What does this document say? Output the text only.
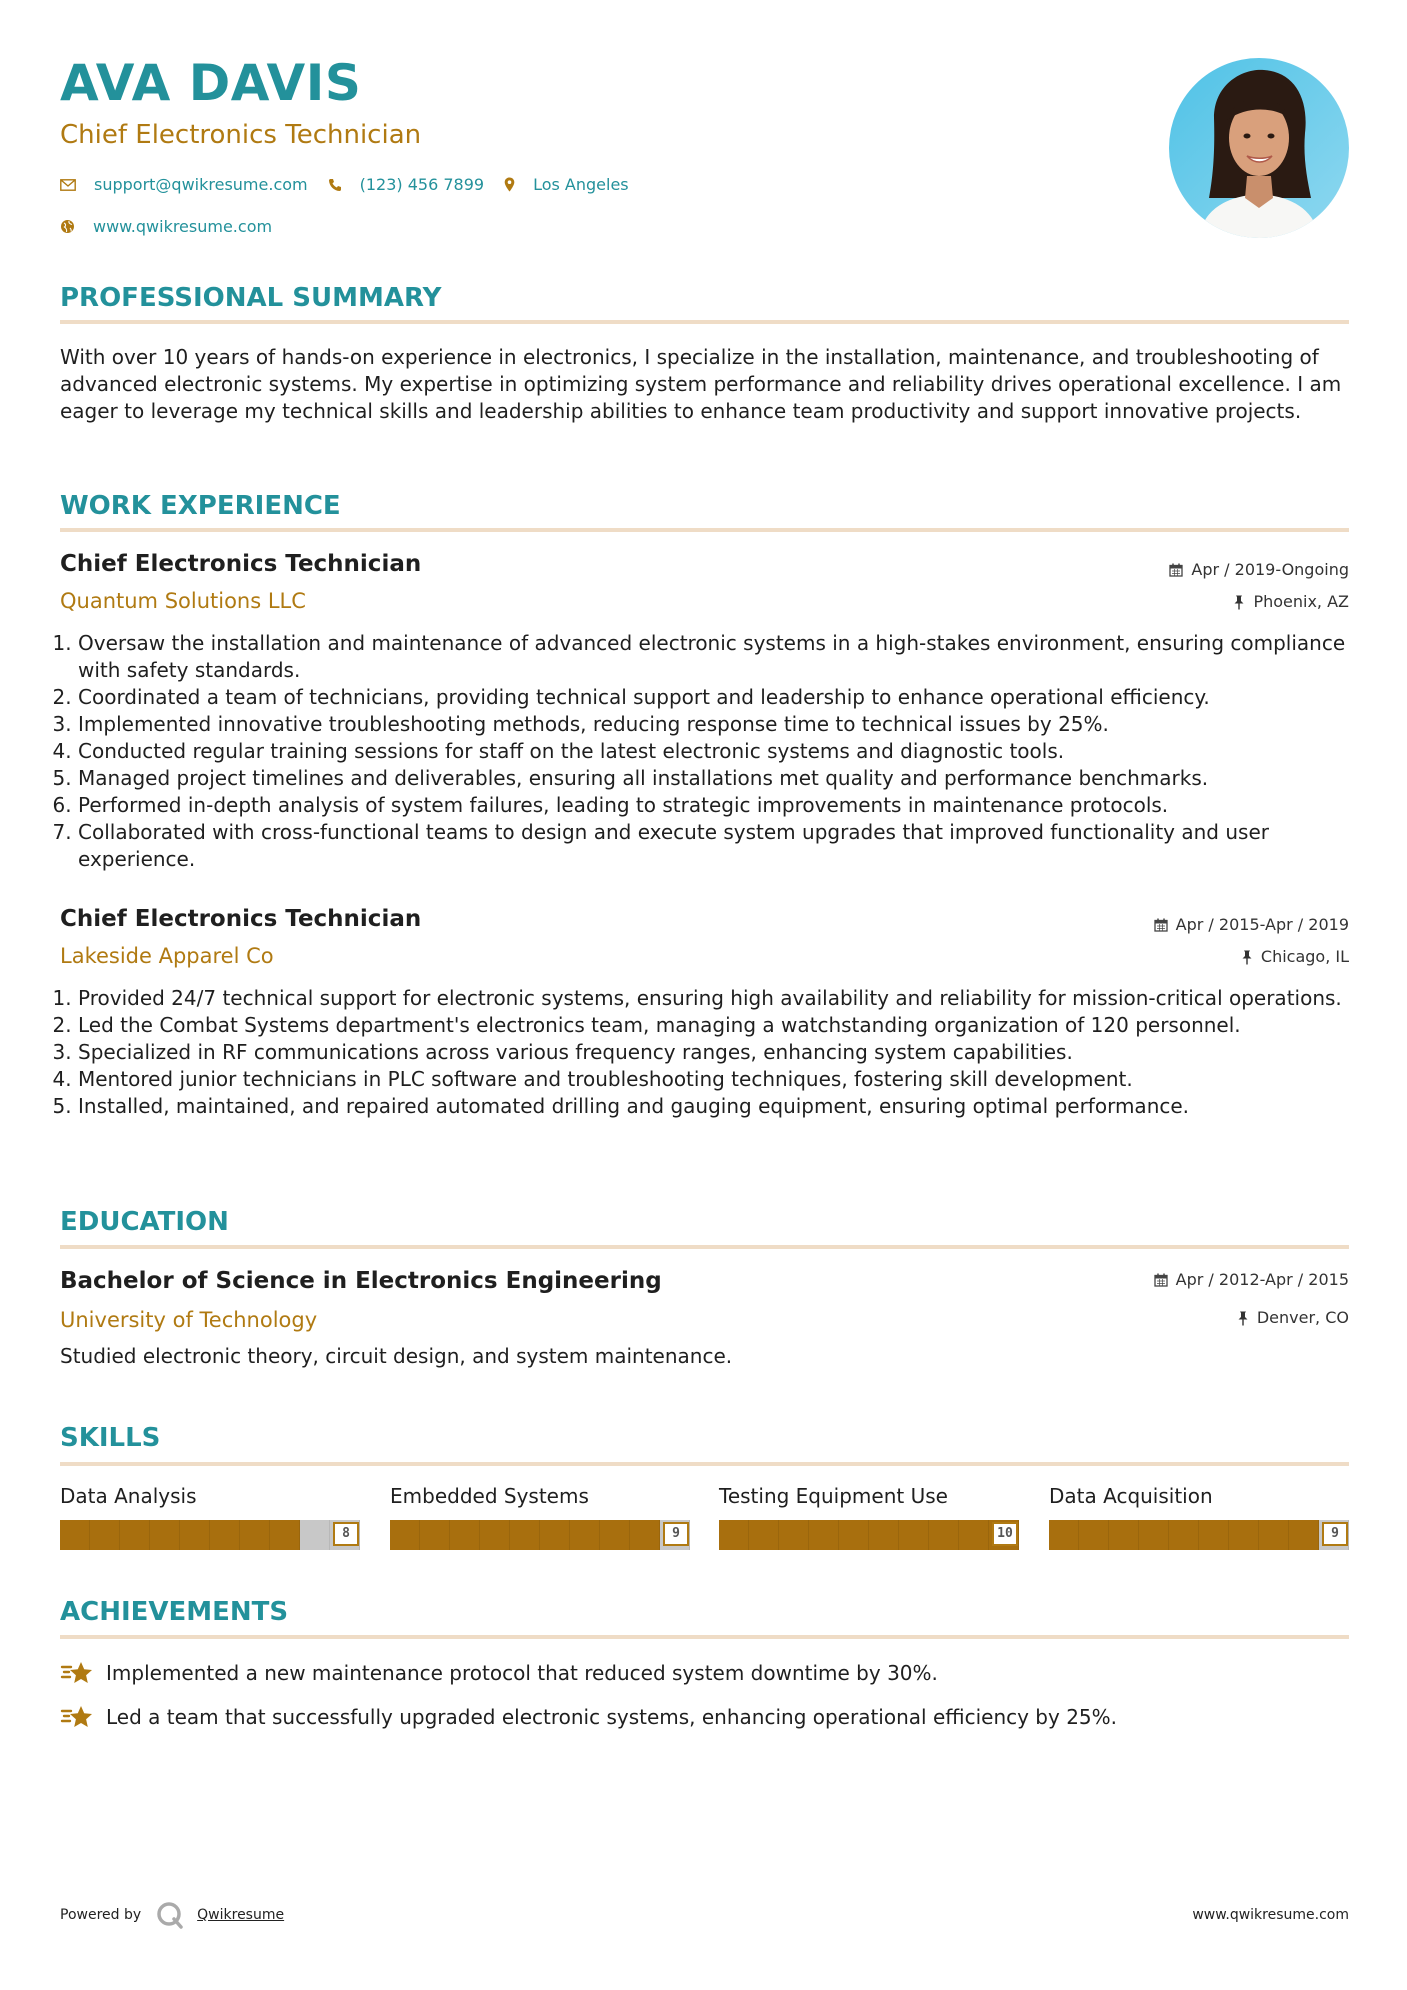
AVA DAVIS
Chief Electronics Technician
support@qwikresume.com	(123) 456 7899	Los Angeles
www.qwikresume.com
PROFESSIONAL SUMMARY

With over 10 years of hands-on experience in electronics, I specialize in the installation, maintenance, and troubleshooting of advanced electronic systems. My expertise in optimizing system performance and reliability drives operational excellence. I am eager to leverage my technical skills and leadership abilities to enhance team productivity and support innovative projects.

WORK EXPERIENCE
Chief Electronics Technician	Apr / 2019-Ongoing
Quantum Solutions LLC	Phoenix, AZ
1. Oversaw the installation and maintenance of advanced electronic systems in a high-stakes environment, ensuring compliance with safety standards.
2. Coordinated a team of technicians, providing technical support and leadership to enhance operational efficiency.
3. Implemented innovative troubleshooting methods, reducing response time to technical issues by 25%.
4. Conducted regular training sessions for staff on the latest electronic systems and diagnostic tools.
5. Managed project timelines and deliverables, ensuring all installations met quality and performance benchmarks.
6. Performed in-depth analysis of system failures, leading to strategic improvements in maintenance protocols.
7. Collaborated with cross-functional teams to design and execute system upgrades that improved functionality and user experience.
Chief Electronics Technician	Apr / 2015-Apr / 2019
Lakeside Apparel Co	Chicago, IL
1. Provided 24/7 technical support for electronic systems, ensuring high availability and reliability for mission-critical operations.
2. Led the Combat Systems department's electronics team, managing a watchstanding organization of 120 personnel.
3. Specialized in RF communications across various frequency ranges, enhancing system capabilities.
4. Mentored junior technicians in PLC software and troubleshooting techniques, fostering skill development.
5. Installed, maintained, and repaired automated drilling and gauging equipment, ensuring optimal performance.
EDUCATION
Bachelor of Science in Electronics Engineering	Apr / 2012-Apr / 2015
University of Technology	Denver, CO

Studied electronic theory, circuit design, and system maintenance.

SKILLS
Data Analysis
8
Embedded Systems
9
Testing Equipment Use
10
Data Acquisition
9
ACHIEVEMENTS
Implemented a new maintenance protocol that reduced system downtime by 30%.
Led a team that successfully upgraded electronic systems, enhancing operational efficiency by 25%.
Powered by	Qwikresume	www.qwikresume.com
